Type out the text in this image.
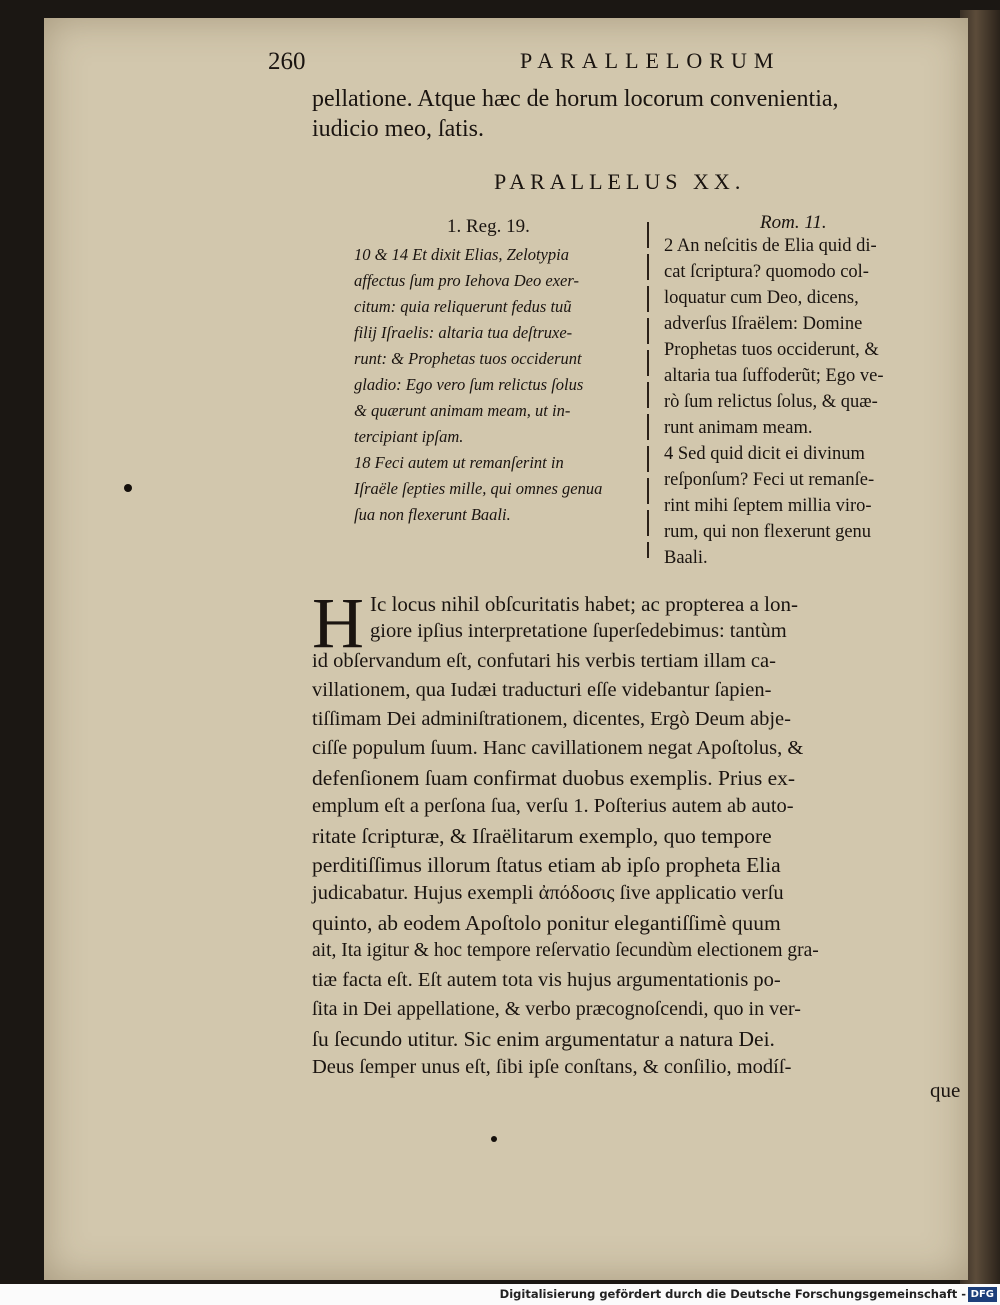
260	PARALLELORUM
pellatione. Atque hæc de horum locorum convenientia,
iudicio meo, ſatis.
PARALLELUS XX.
1. Reg. 19.
10 & 14 Et dixit Elias, Zelotypia
affectus ſum pro Iehova Deo exer-
citum: quia reliquerunt fedus tuũ
filij Iſraelis: altaria tua deſtruxe-
runt: & Prophetas tuos occiderunt
gladio: Ego vero ſum relictus ſolus
& quærunt animam meam, ut in-
tercipiant ipſam.
18 Feci autem ut remanſerint in
Iſraële ſepties mille, qui omnes genua
ſua non flexerunt Baali.
Rom. 11.
2 An neſcitis de Elia quid di-
cat ſcriptura? quomodo col-
loquatur cum Deo, dicens,
adverſus Iſraëlem: Domine
Prophetas tuos occiderunt, &
altaria tua ſuffoderũt; Ego ve-
rò ſum relictus ſolus, & quæ-
runt animam meam.
4 Sed quid dicit ei divinum
reſponſum? Feci ut remanſe-
rint mihi ſeptem millia viro-
rum, qui non flexerunt genu
Baali.
H Ic locus nihil obſcuritatis habet; ac propterea a lon-
giore ipſius interpretatione ſuperſedebimus: tantùm
id obſervandum eſt, confutari his verbis tertiam illam ca-
villationem, qua Iudæi traducturi eſſe videbantur ſapien-
tiſſimam Dei adminiſtrationem, dicentes, Ergò Deum abje-
ciſſe populum ſuum. Hanc cavillationem negat Apoſtolus, &
defenſionem ſuam confirmat duobus exemplis. Prius ex-
emplum eſt a perſona ſua, verſu 1. Poſterius autem ab auto-
ritate ſcripturæ, & Iſraëlitarum exemplo, quo tempore
perditiſſimus illorum ſtatus etiam ab ipſo propheta Elia
judicabatur. Hujus exempli ἀπόδοσις ſive applicatio verſu
quinto, ab eodem Apoſtolo ponitur elegantiſſimè quum
ait, Ita igitur & hoc tempore reſervatio ſecundùm electionem gra-
tiæ facta eſt. Eſt autem tota vis hujus argumentationis po-
ſita in Dei appellatione, & verbo præcognoſcendi, quo in ver-
ſu ſecundo utitur. Sic enim argumentatur a natura Dei.
Deus ſemper unus eſt, ſibi ipſe conſtans, & conſilio, modíſ-
que
Digitalisierung gefördert durch die Deutsche Forschungsgemeinschaft - DFG
